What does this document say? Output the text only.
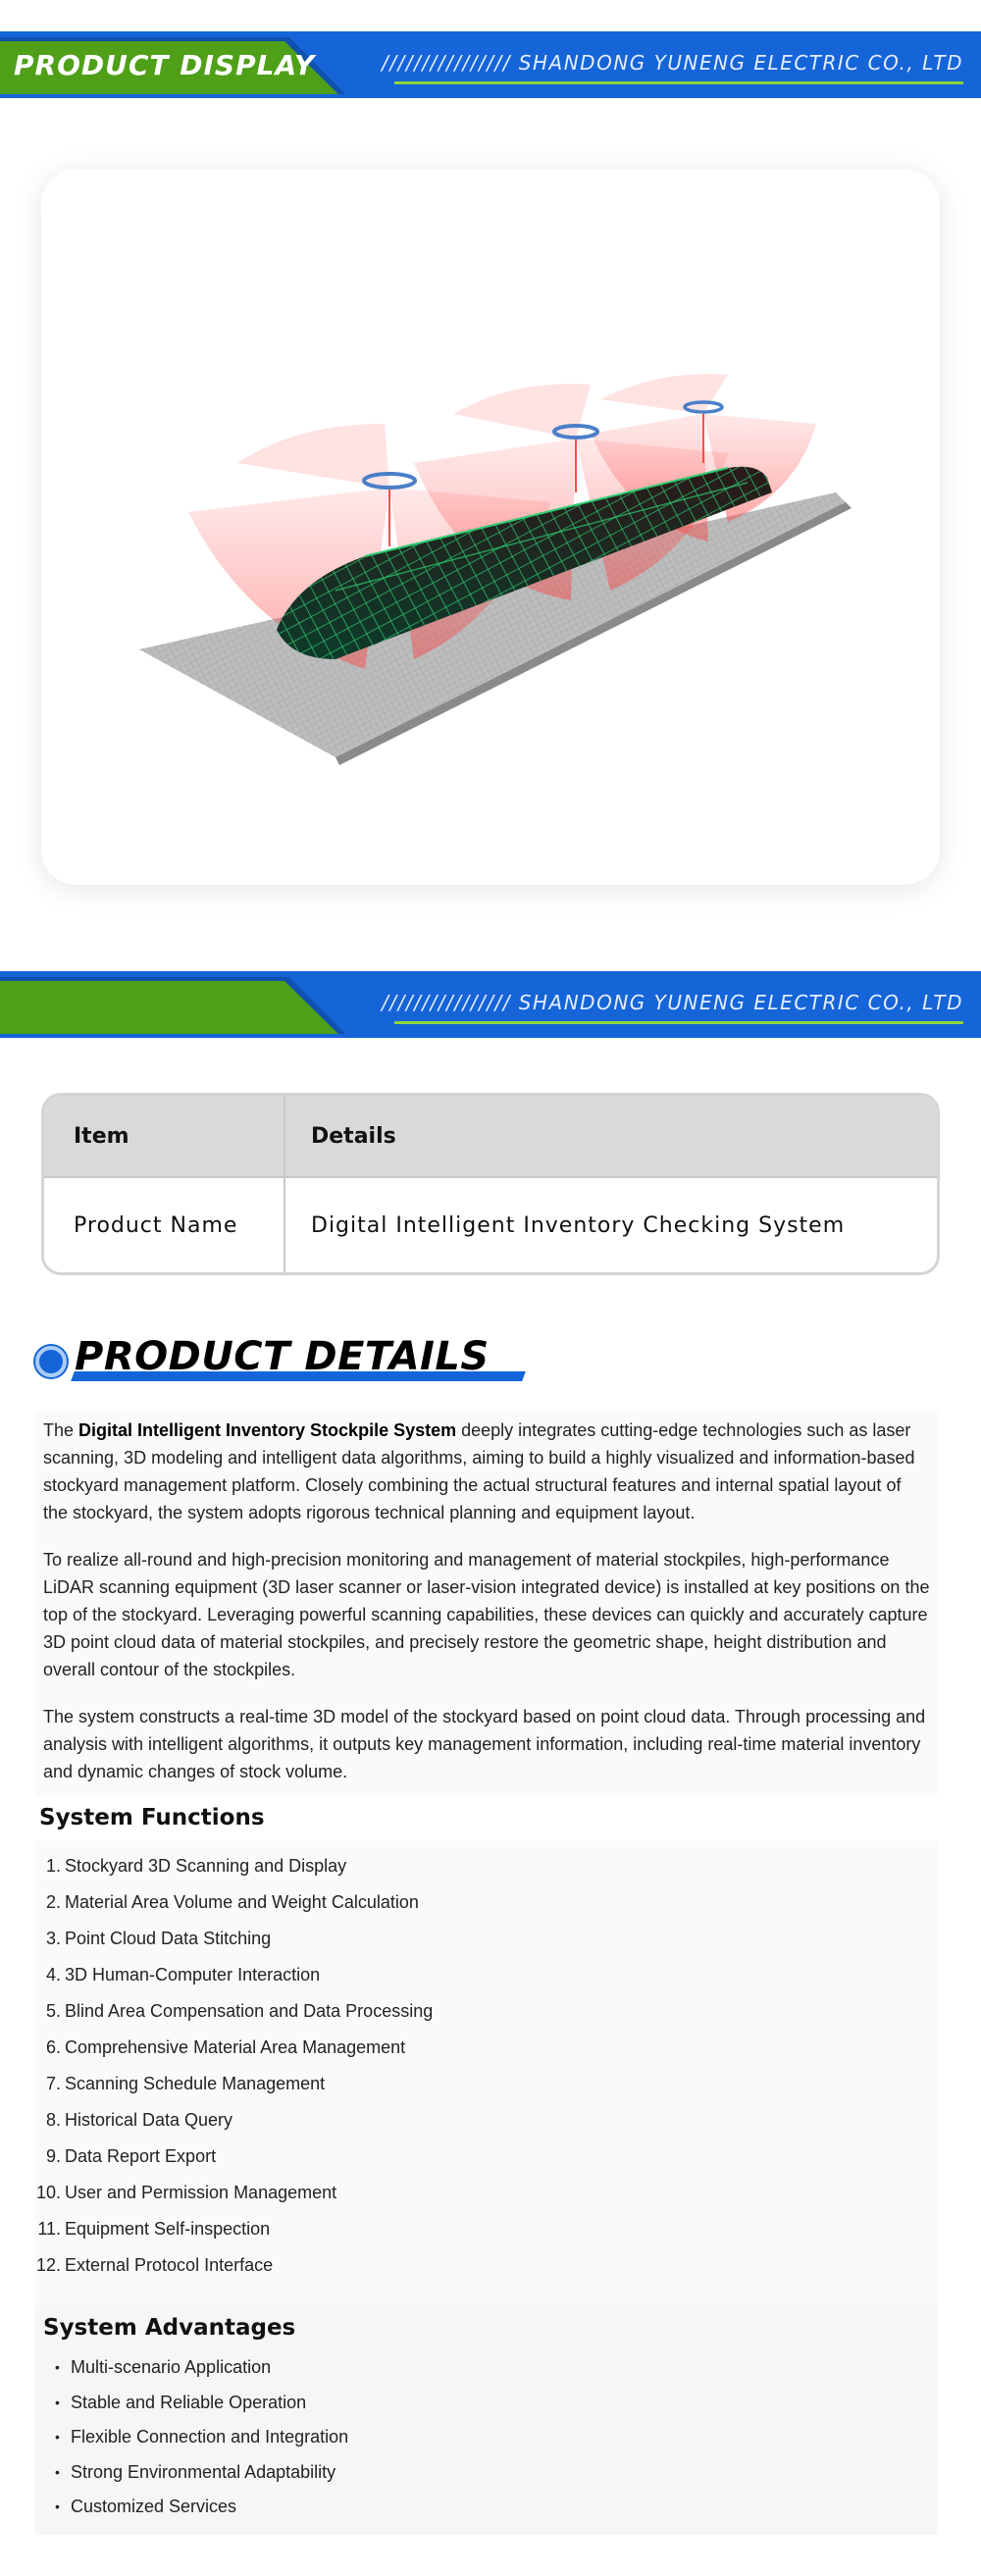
PRODUCT DISPLAY	//////////////// SHANDONG YUNENG ELECTRIC CO., LTD
//////////////// SHANDONG YUNENG ELECTRIC CO., LTD
Item	Details
Product Name	Digital Intelligent Inventory Checking System
PRODUCT DETAILS

The Digital Intelligent Inventory Stockpile System deeply integrates cutting-edge technologies such as laser scanning, 3D modeling and intelligent data algorithms, aiming to build a highly visualized and information-based stockyard management platform. Closely combining the actual structural features and internal spatial layout of the stockyard, the system adopts rigorous technical planning and equipment layout.

To realize all-round and high-precision monitoring and management of material stockpiles, high-performance LiDAR scanning equipment (3D laser scanner or laser-vision integrated device) is installed at key positions on the top of the stockyard. Leveraging powerful scanning capabilities, these devices can quickly and accurately capture 3D point cloud data of material stockpiles, and precisely restore the geometric shape, height distribution and overall contour of the stockpiles.

The system constructs a real-time 3D model of the stockyard based on point cloud data. Through processing and analysis with intelligent algorithms, it outputs key management information, including real-time material inventory and dynamic changes of stock volume.

System Functions
1. Stockyard 3D Scanning and Display
2. Material Area Volume and Weight Calculation
3. Point Cloud Data Stitching
4. 3D Human-Computer Interaction
5. Blind Area Compensation and Data Processing
6. Comprehensive Material Area Management
7. Scanning Schedule Management
8. Historical Data Query
9. Data Report Export
10. User and Permission Management
11. Equipment Self-inspection
12. External Protocol Interface
System Advantages
• Multi-scenario Application
• Stable and Reliable Operation
• Flexible Connection and Integration
• Strong Environmental Adaptability
• Customized Services
